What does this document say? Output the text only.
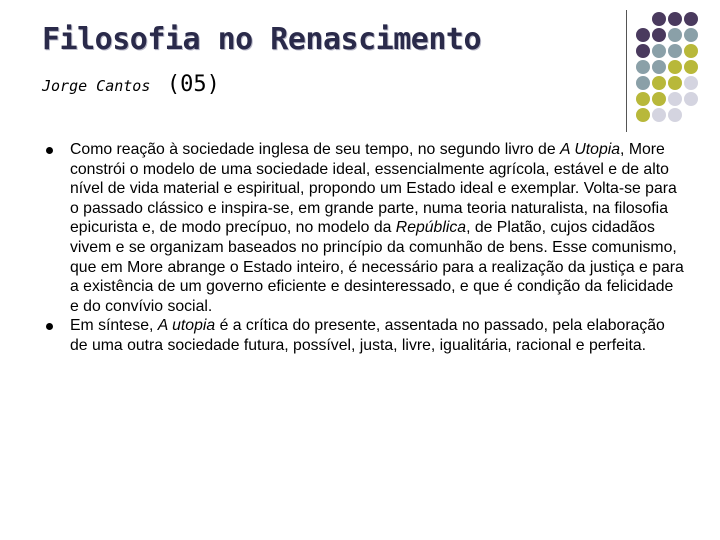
Filosofia no Renascimento
Jorge Cantos (05)
Como reação à sociedade inglesa de seu tempo, no segundo livro de A Utopia, More constrói o modelo de uma sociedade ideal, essencialmente agrícola, estável e de alto nível de vida material e espiritual, propondo um Estado ideal e exemplar. Volta-se para o passado clássico e inspira-se, em grande parte, numa teoria naturalista, na filosofia epicurista e, de modo precípuo, no modelo da República, de Platão, cujos cidadãos vivem e se organizam baseados no princípio da comunhão de bens. Esse comunismo, que em More abrange o Estado inteiro, é necessário para a realização da justiça e para a existência de um governo eficiente e desinteressado, e que é condição da felicidade e do convívio social.
Em síntese, A utopia é a crítica do presente, assentada no passado, pela elaboração de uma outra sociedade futura, possível, justa, livre, igualitária, racional e perfeita.
